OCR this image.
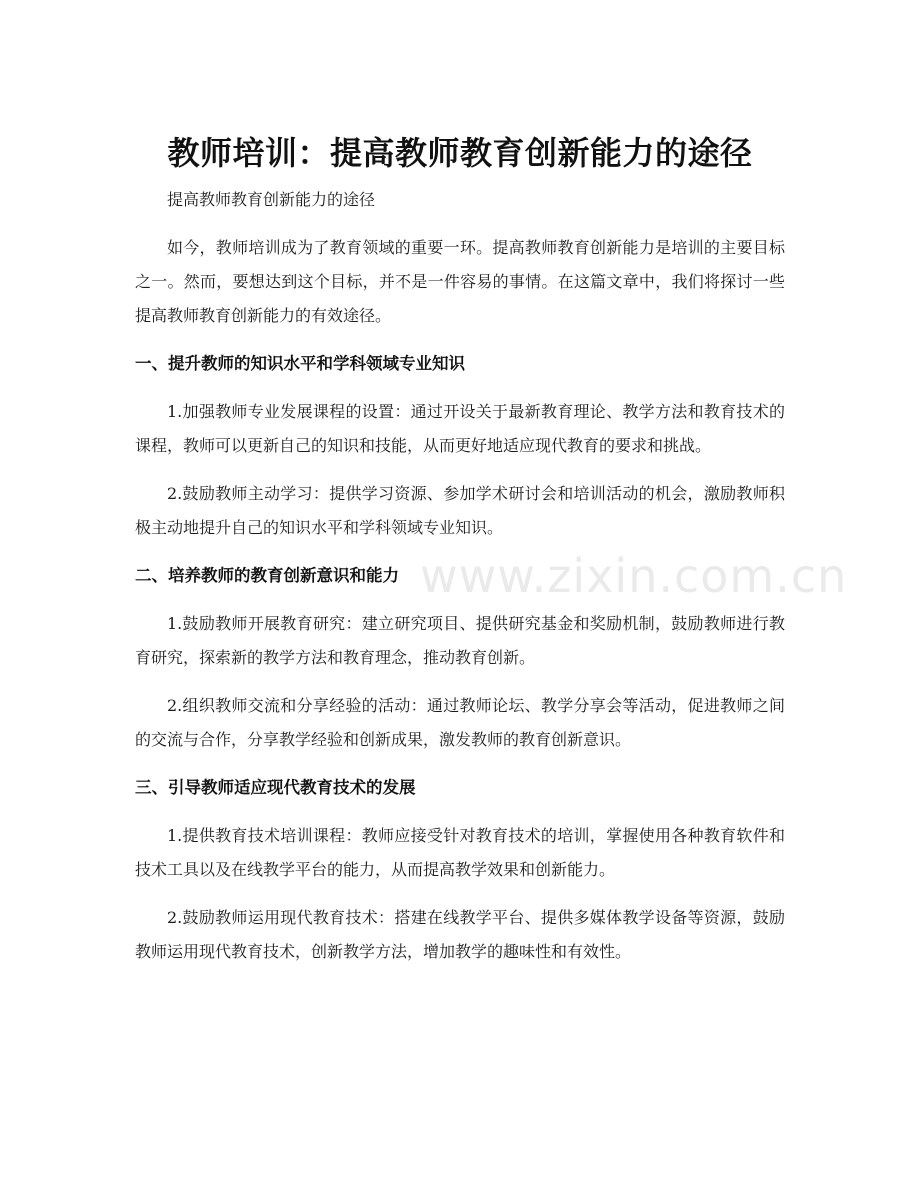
教师培训：提高教师教育创新能力的途径
提高教师教育创新能力的途径

如今，教师培训成为了教育领域的重要一环。提高教师教育创新能力是培训的主要目标之一。然而，要想达到这个目标，并不是一件容易的事情。在这篇文章中，我们将探讨一些提高教师教育创新能力的有效途径。

一、提升教师的知识水平和学科领域专业知识

1.加强教师专业发展课程的设置：通过开设关于最新教育理论、教学方法和教育技术的课程，教师可以更新自己的知识和技能，从而更好地适应现代教育的要求和挑战。

2.鼓励教师主动学习：提供学习资源、参加学术研讨会和培训活动的机会，激励教师积极主动地提升自己的知识水平和学科领域专业知识。

二、培养教师的教育创新意识和能力

1.鼓励教师开展教育研究：建立研究项目、提供研究基金和奖励机制，鼓励教师进行教育研究，探索新的教学方法和教育理念，推动教育创新。

2.组织教师交流和分享经验的活动：通过教师论坛、教学分享会等活动，促进教师之间的交流与合作，分享教学经验和创新成果，激发教师的教育创新意识。

三、引导教师适应现代教育技术的发展

1.提供教育技术培训课程：教师应接受针对教育技术的培训，掌握使用各种教育软件和技术工具以及在线教学平台的能力，从而提高教学效果和创新能力。

2.鼓励教师运用现代教育技术：搭建在线教学平台、提供多媒体教学设备等资源，鼓励教师运用现代教育技术，创新教学方法，增加教学的趣味性和有效性。

www.zixin.com.cn
